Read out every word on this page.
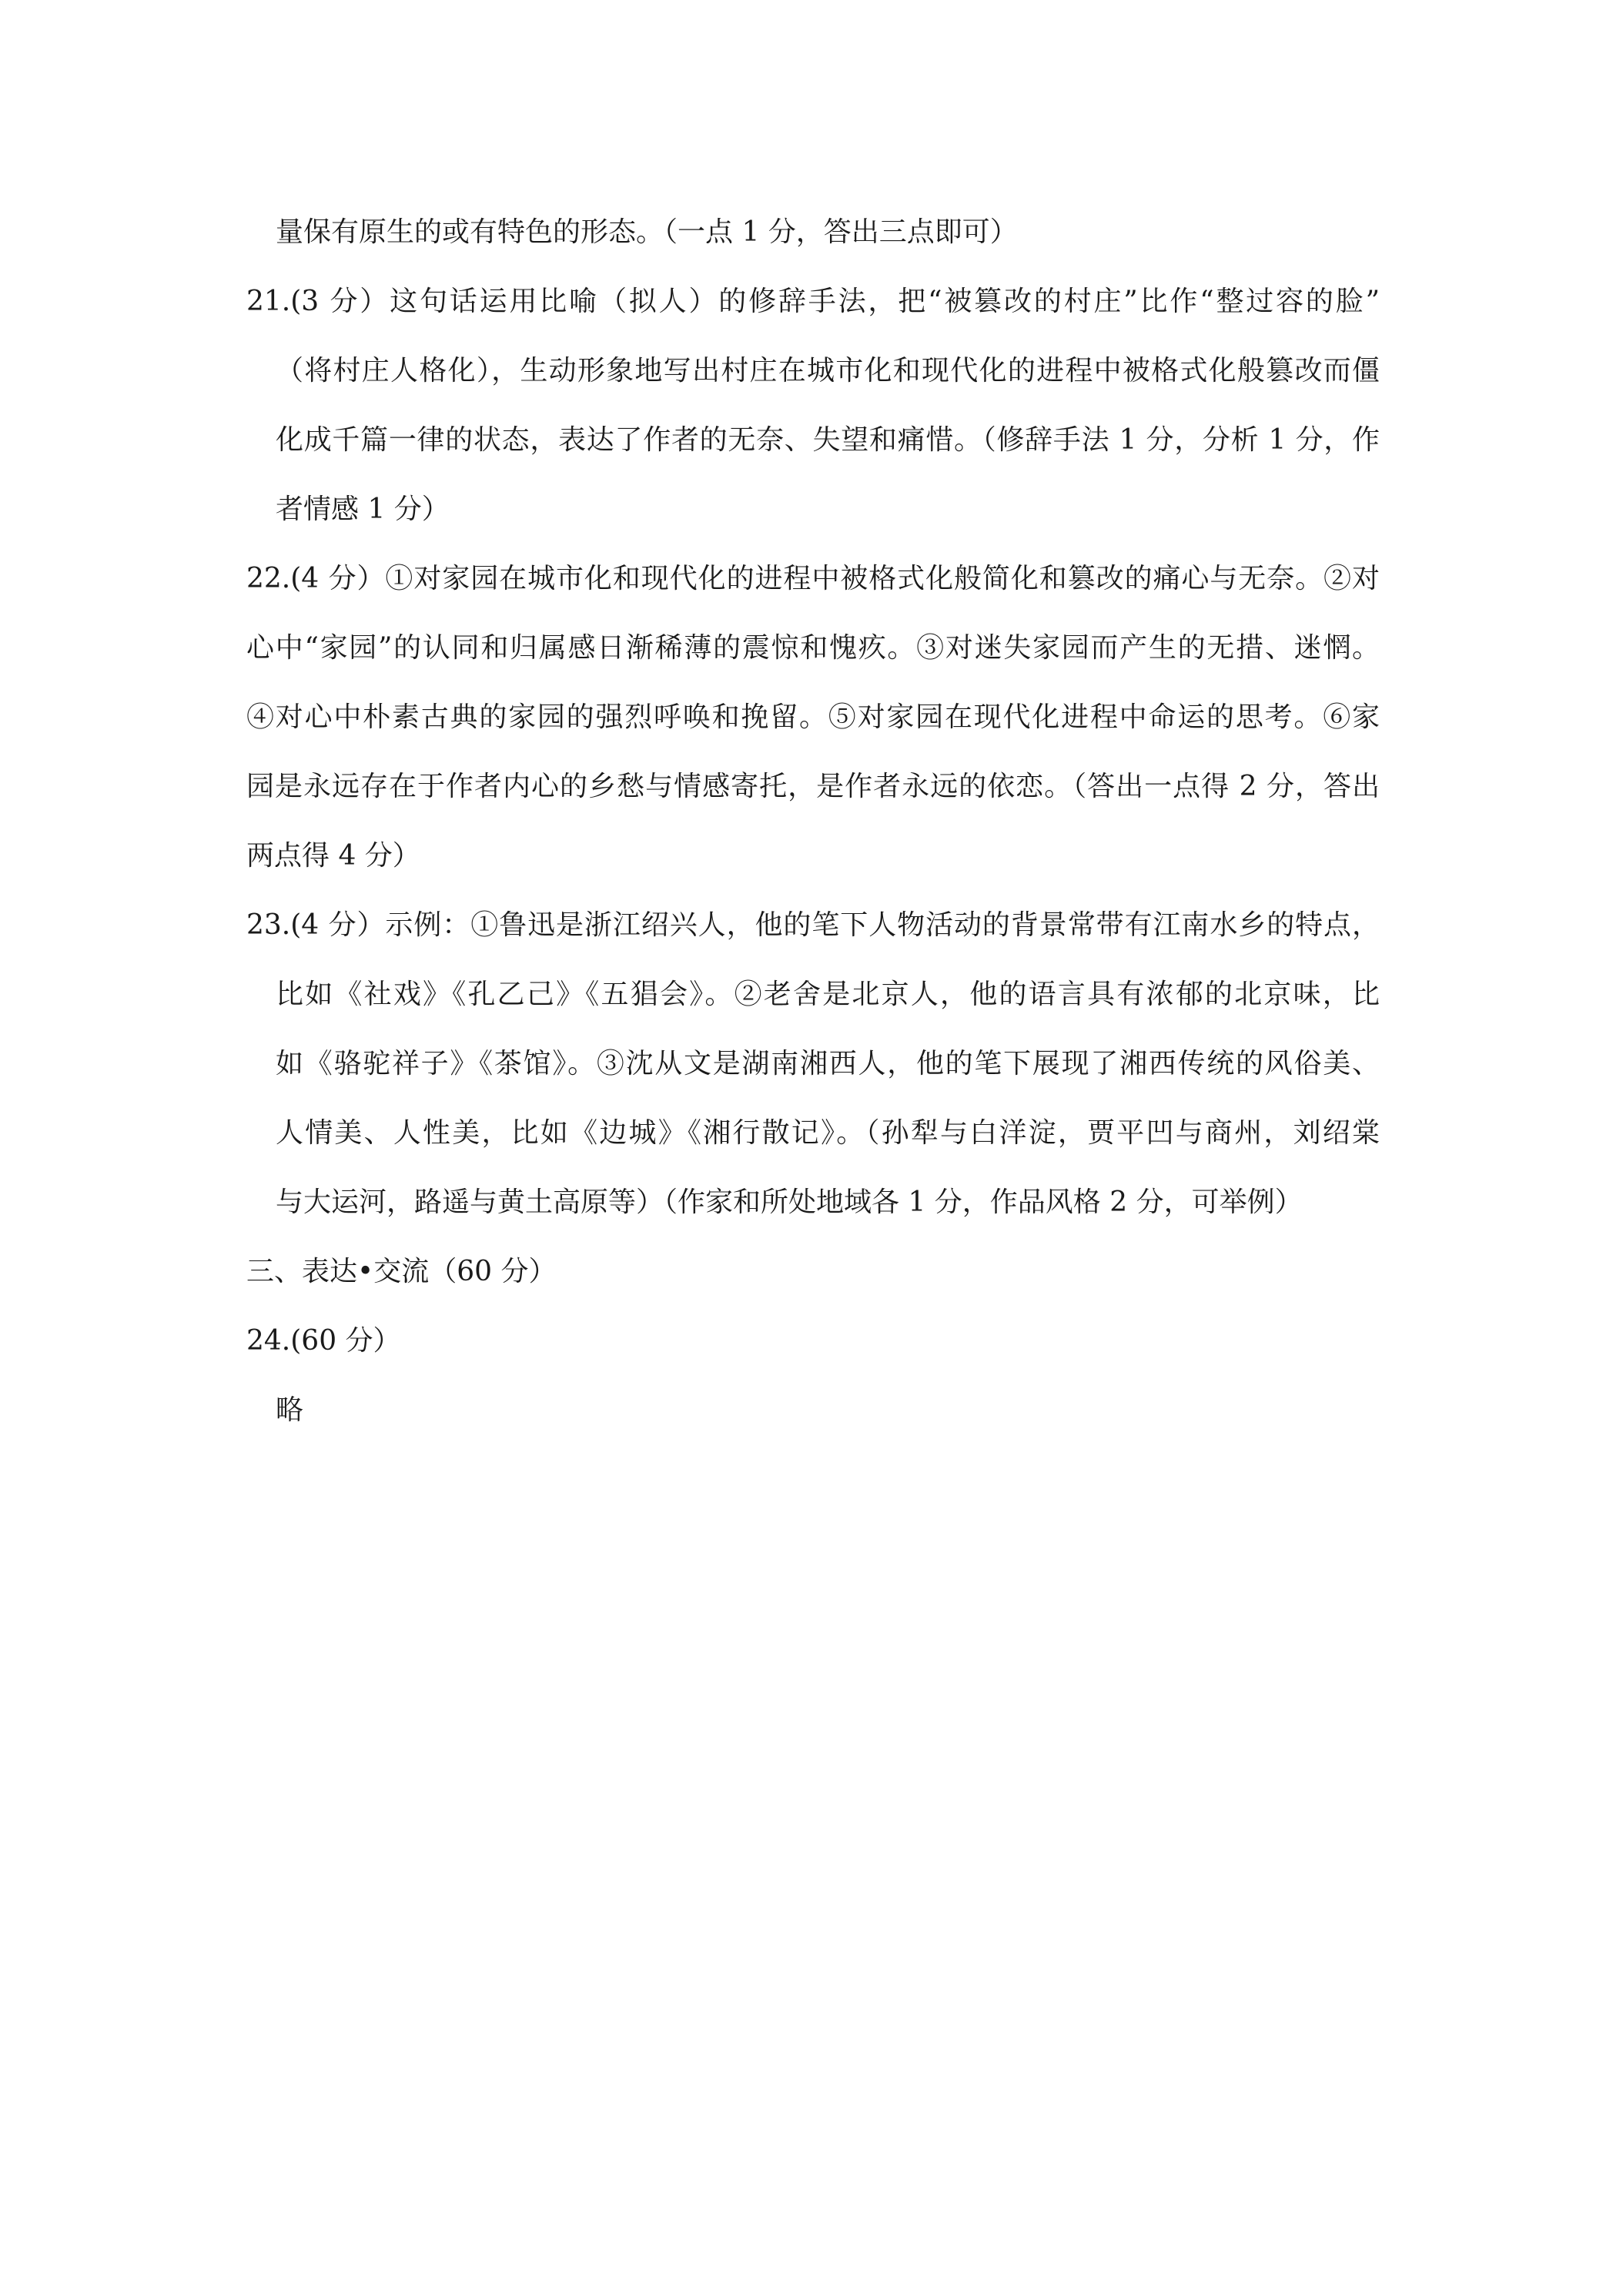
量保有原生的或有特色的形态。（一点 1 分，答出三点即可）

21.(3 分）这句话运用比喻（拟人）的修辞手法，把“被篡改的村庄”比作“整过容的脸”

（将村庄人格化），生动形象地写出村庄在城市化和现代化的进程中被格式化般篡改而僵

化成千篇一律的状态，表达了作者的无奈、失望和痛惜。（修辞手法 1 分，分析 1 分，作

者情感 1 分）

22.(4 分）①对家园在城市化和现代化的进程中被格式化般简化和篡改的痛心与无奈。②对

心中“家园”的认同和归属感日渐稀薄的震惊和愧疚。③对迷失家园而产生的无措、迷惘。

④对心中朴素古典的家园的强烈呼唤和挽留。⑤对家园在现代化进程中命运的思考。⑥家

园是永远存在于作者内心的乡愁与情感寄托，是作者永远的依恋。（答出一点得 2 分，答出

两点得 4 分）

23.(4 分）示例：①鲁迅是浙江绍兴人，他的笔下人物活动的背景常带有江南水乡的特点，

比如《社戏》《孔乙己》《五猖会》。②老舍是北京人，他的语言具有浓郁的北京味，比

如《骆驼祥子》《茶馆》。③沈从文是湖南湘西人，他的笔下展现了湘西传统的风俗美、

人情美、人性美，比如《边城》《湘行散记》。（孙犁与白洋淀，贾平凹与商州，刘绍棠

与大运河，路遥与黄土高原等）（作家和所处地域各 1 分，作品风格 2 分，可举例）

三、表达•交流（60 分）

24.(60 分）

略
